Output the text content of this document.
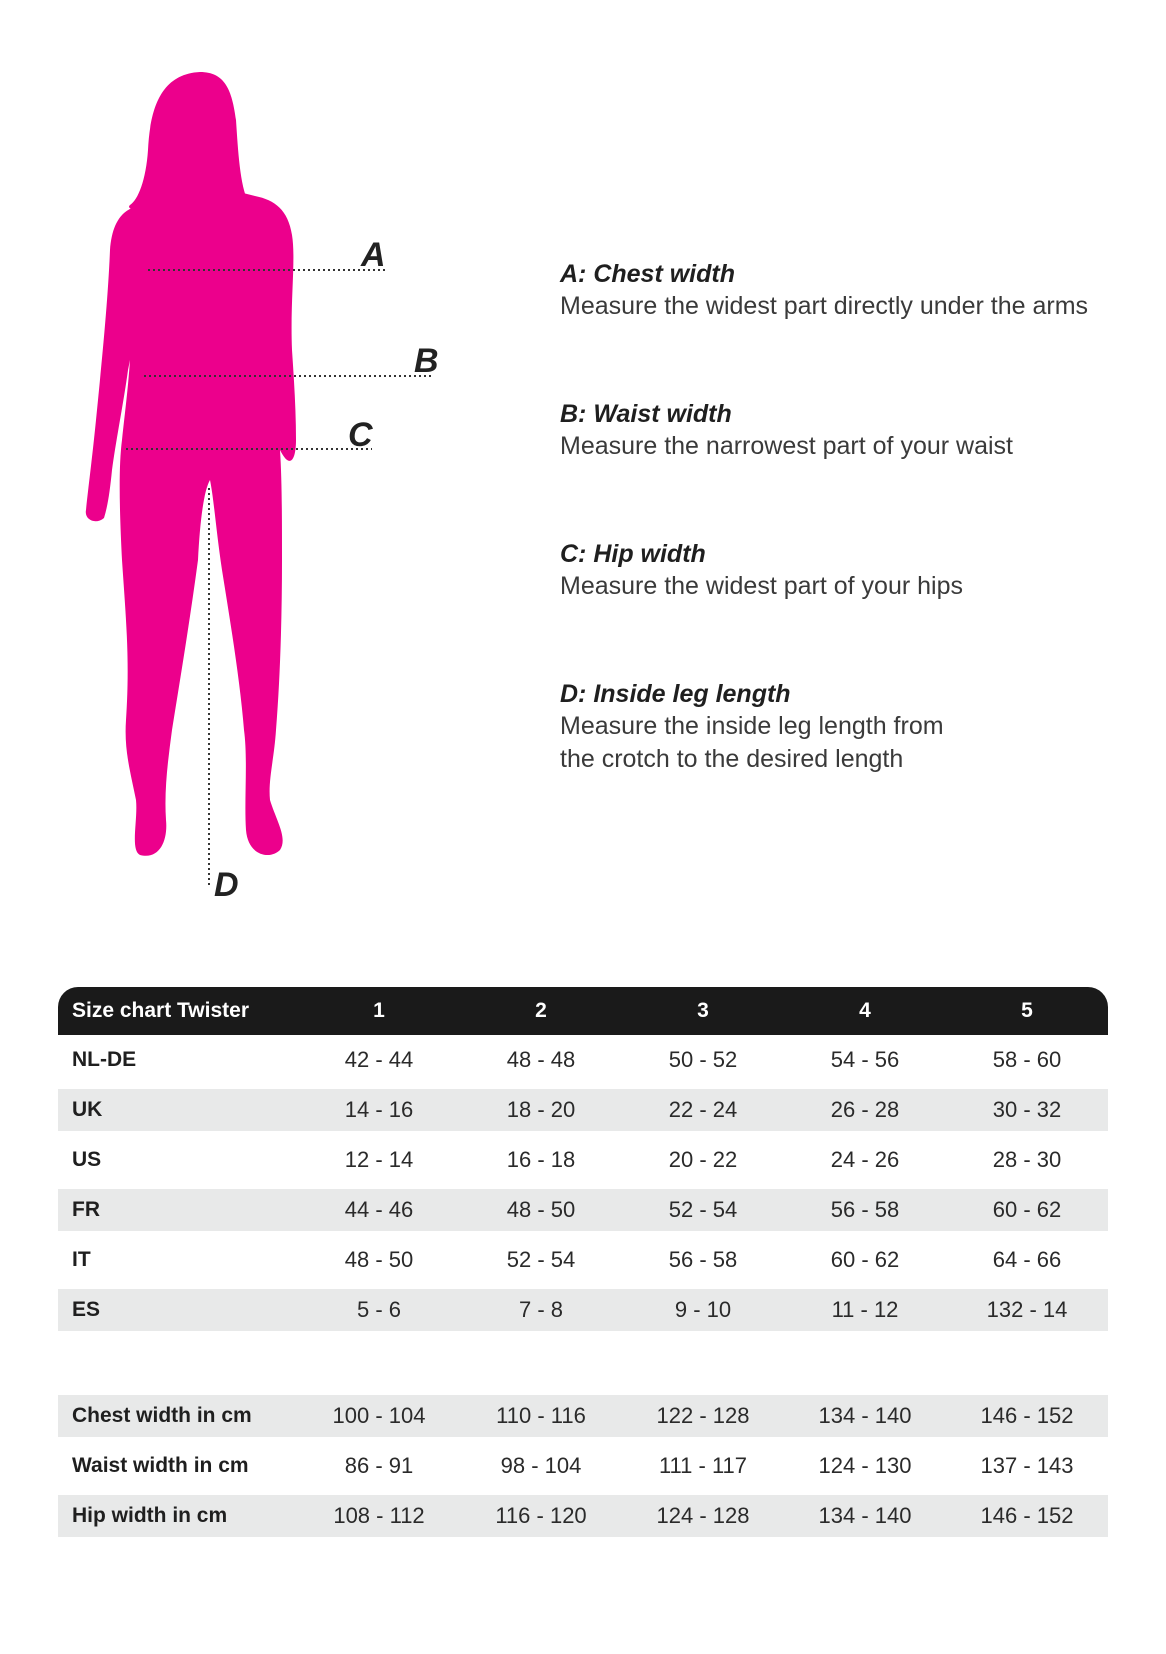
A
B
C
D
A: Chest width
Measure the widest part directly under the arms
B: Waist width
Measure the narrowest part of your waist
C: Hip width
Measure the widest part of your hips
D: Inside leg length
Measure the inside leg length from
the crotch to the desired length
Size chart Twister	1	2	3	4	5
NL-DE	42 - 44	48 - 48	50 - 52	54 - 56	58 - 60
UK	14 - 16	18 - 20	22 - 24	26 - 28	30 - 32
US	12 - 14	16 - 18	20 - 22	24 - 26	28 - 30
FR	44 - 46	48 - 50	52 - 54	56 - 58	60 - 62
IT	48 - 50	52 - 54	56 - 58	60 - 62	64 - 66
ES	5 - 6	7 - 8	9 - 10	11 - 12	132 - 14
Chest width in cm	100 - 104	110 - 116	122 - 128	134 - 140	146 - 152
Waist width in cm	86 - 91	98 - 104	111 - 117	124 - 130	137 - 143
Hip width in cm	108 - 112	116 - 120	124 - 128	134 - 140	146 - 152
